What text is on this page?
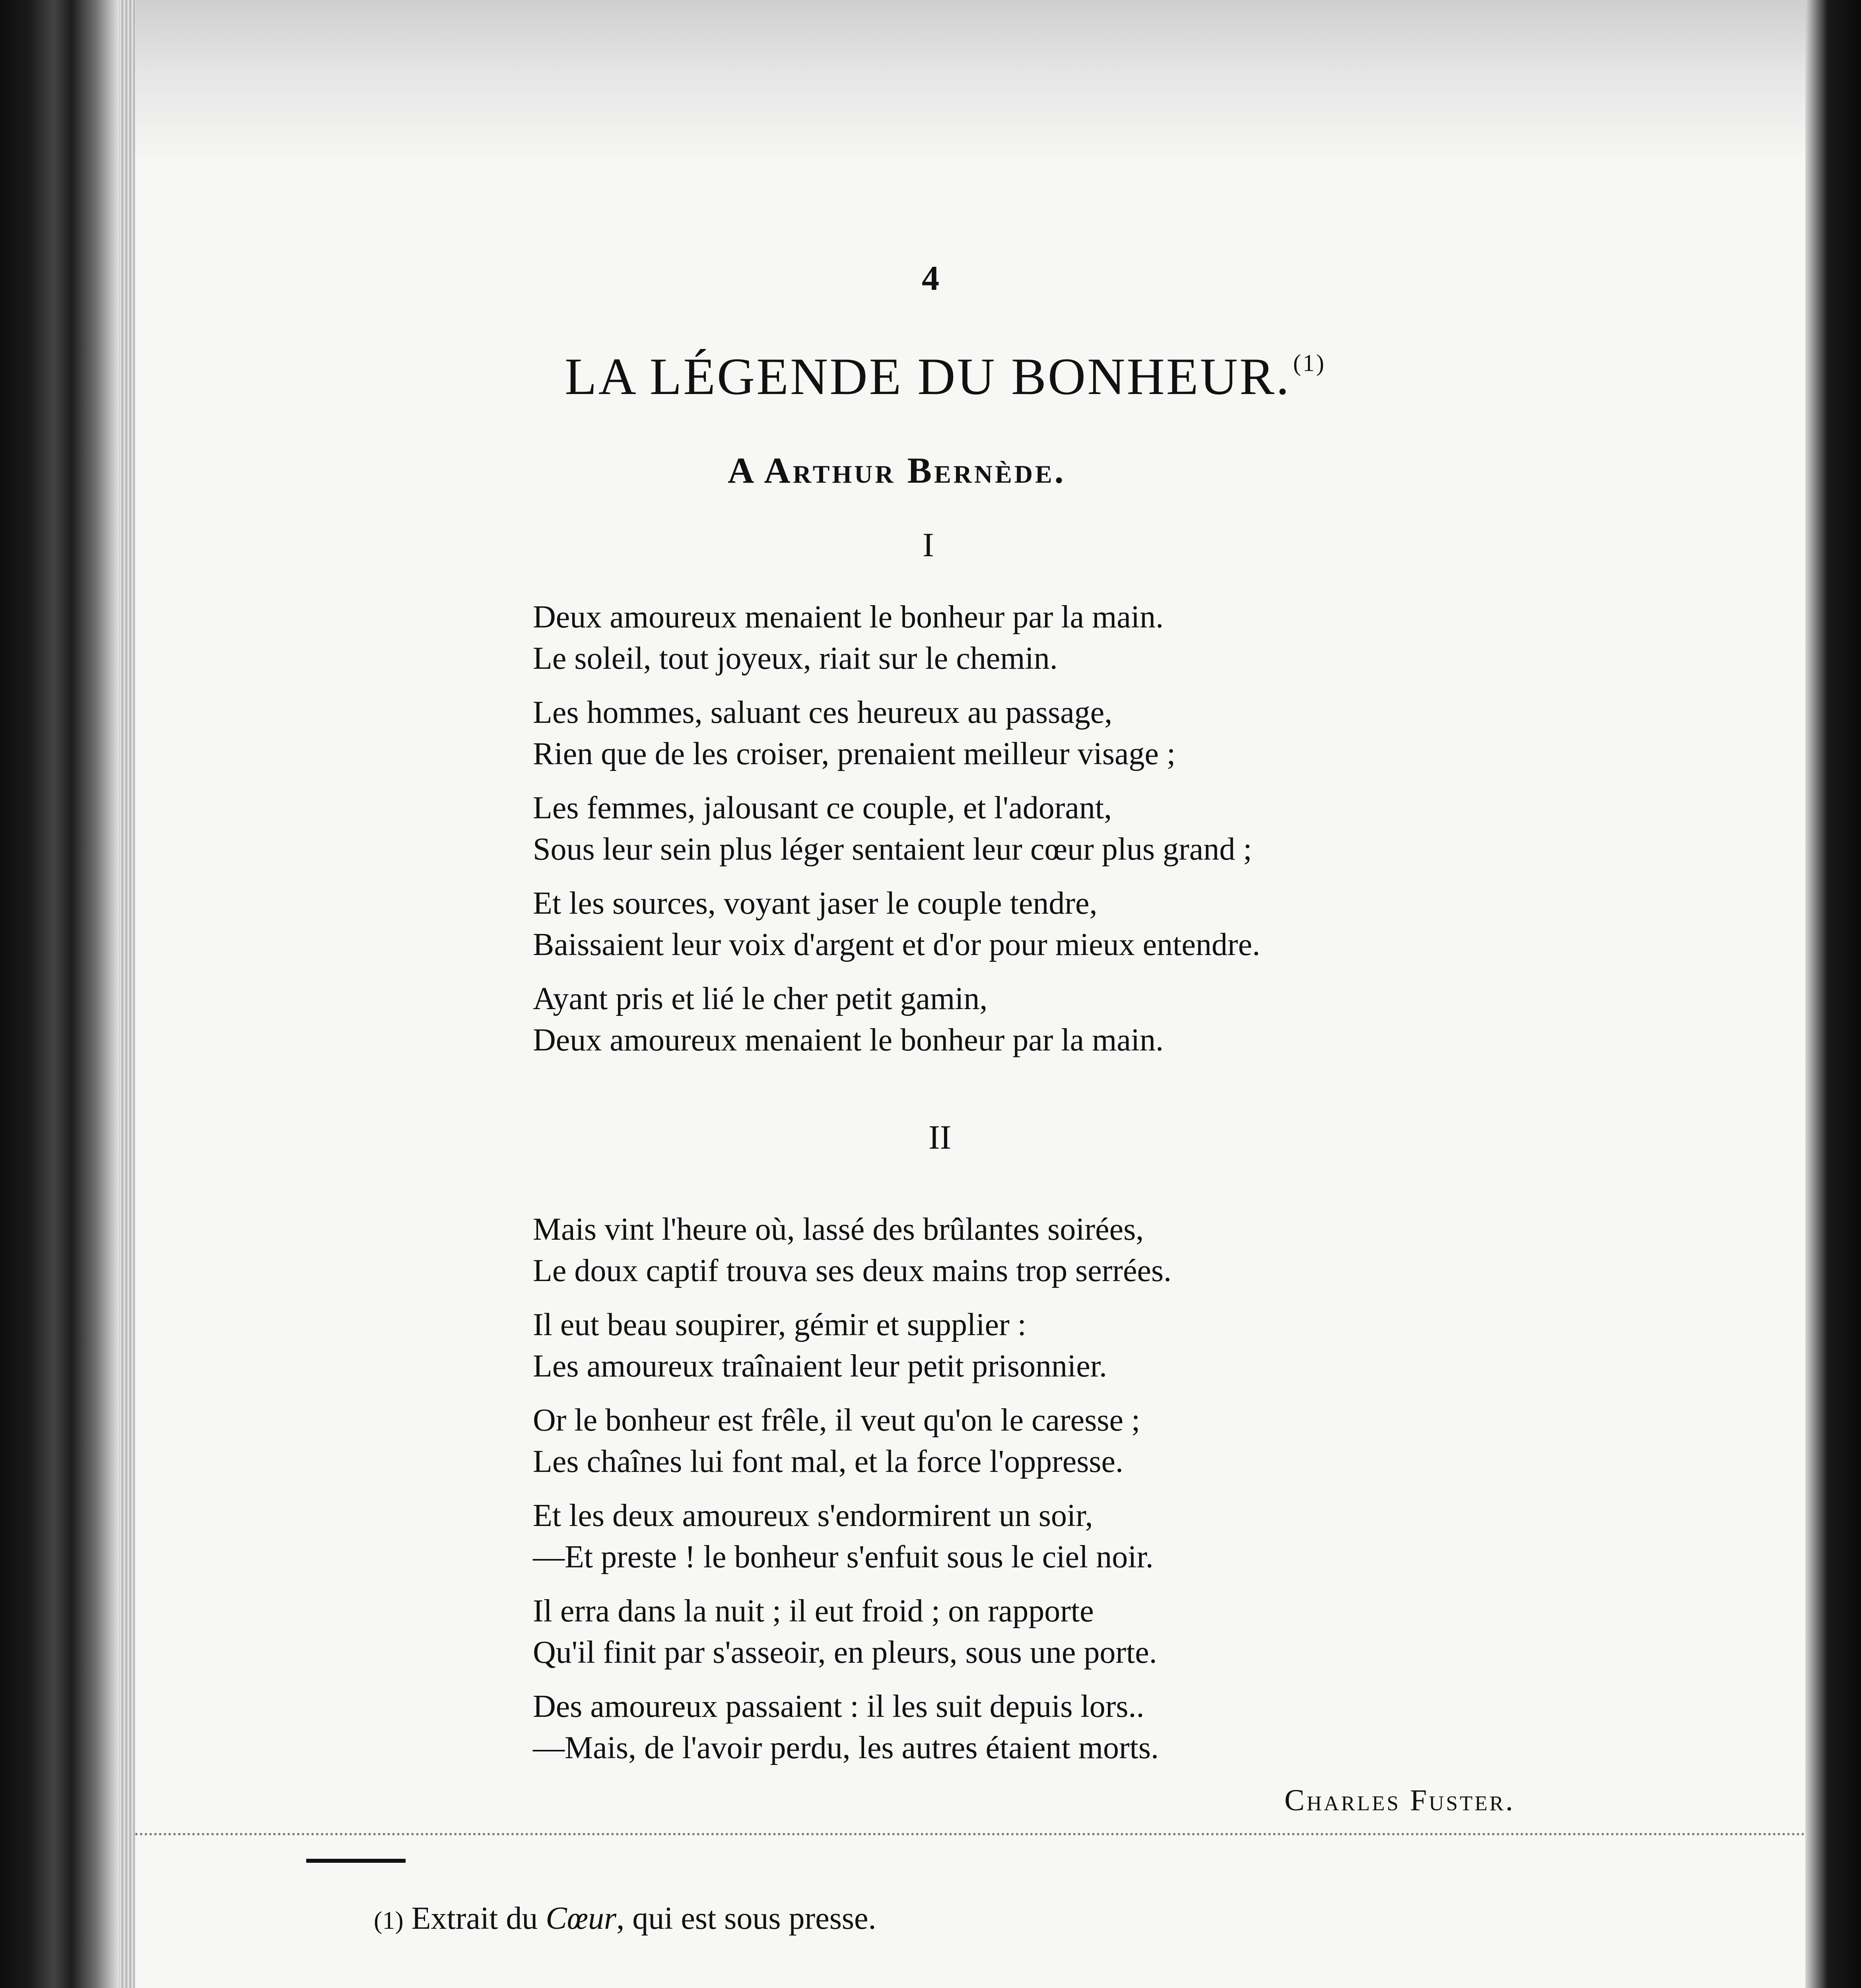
4
LA LÉGENDE DU BONHEUR. $^{(1)}$
A Arthur Bernède.
I
Deux amoureux menaient le bonheur par la main.
Le soleil, tout joyeux, riait sur le chemin.
Les hommes, saluant ces heureux au passage,
Rien que de les croiser, prenaient meilleur visage ;
Les femmes, jalousant ce couple, et l'adorant,
Sous leur sein plus léger sentaient leur cœur plus grand ;
Et les sources, voyant jaser le couple tendre,
Baissaient leur voix d'argent et d'or pour mieux entendre.
Ayant pris et lié le cher petit gamin,
Deux amoureux menaient le bonheur par la main.
II
Mais vint l'heure où, lassé des brûlantes soirées,
Le doux captif trouva ses deux mains trop serrées.
Il eut beau soupirer, gémir et supplier :
Les amoureux traînaient leur petit prisonnier.
Or le bonheur est frêle, il veut qu'on le caresse ;
Les chaînes lui font mal, et la force l'oppresse.
Et les deux amoureux s'endormirent un soir,
—Et preste ! le bonheur s'enfuit sous le ciel noir.
Il erra dans la nuit ; il eut froid ; on rapporte
Qu'il finit par s'asseoir, en pleurs, sous une porte.
Des amoureux passaient : il les suit depuis lors..
—Mais, de l'avoir perdu, les autres étaient morts.
Charles Fuster.
(1) Extrait du Cœur, qui est sous presse.
